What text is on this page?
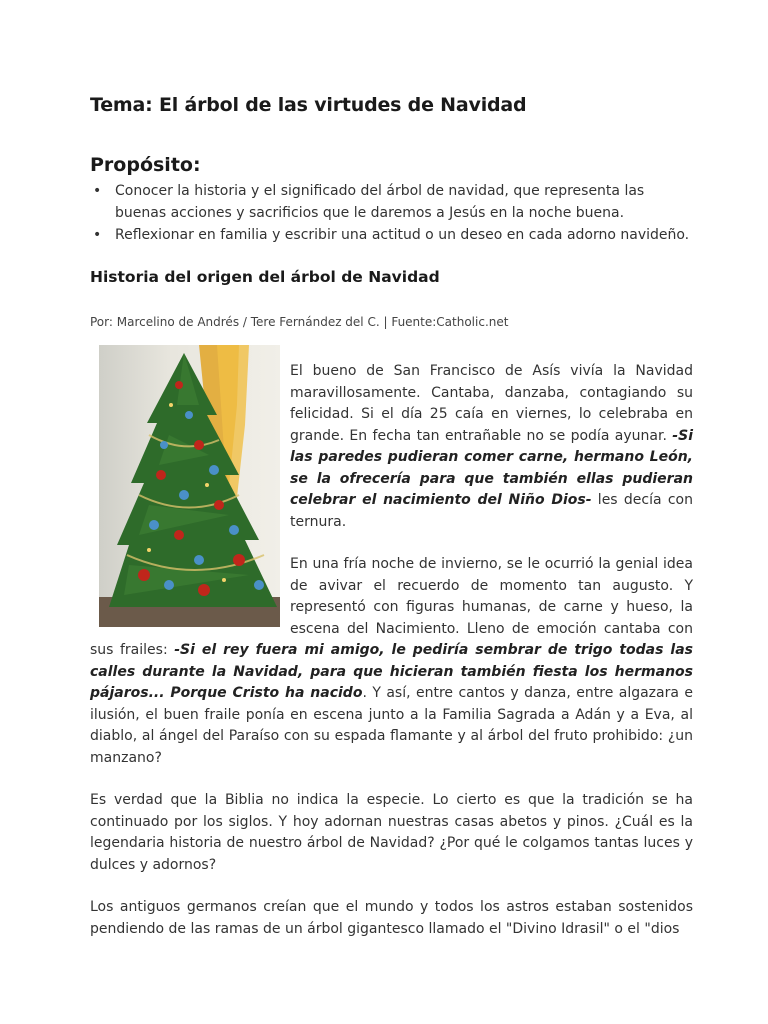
Tema: El árbol de las virtudes de Navidad
Propósito:
• Conocer la historia y el significado del árbol de navidad, que representa las buenas acciones y sacrificios que le daremos a Jesús en la noche buena.
• Reflexionar en familia y escribir una actitud o un deseo en cada adorno navideño.
Historia del origen del árbol de Navidad
Por: Marcelino de Andrés / Tere Fernández del C. | Fuente:Catholic.net

El bueno de San Francisco de Asís vivía la Navidad maravillosamente. Cantaba, danzaba, contagiando su felicidad. Si el día 25 caía en viernes, lo celebraba en grande. En fecha tan entrañable no se podía ayunar. -Si las paredes pudieran comer carne, hermano León, se la ofrecería para que también ellas pudieran celebrar el nacimiento del Niño Dios- les decía con ternura.

En una fría noche de invierno, se le ocurrió la genial idea de avivar el recuerdo de momento tan augusto. Y representó con figuras humanas, de carne y hueso, la escena del Nacimiento. Lleno de emoción cantaba con sus frailes: -Si el rey fuera mi amigo, le pediría sembrar de trigo todas las calles durante la Navidad, para que hicieran también fiesta los hermanos pájaros... Porque Cristo ha nacido. Y así, entre cantos y danza, entre algazara e ilusión, el buen fraile ponía en escena junto a la Familia Sagrada a Adán y a Eva, al diablo, al ángel del Paraíso con su espada flamante y al árbol del fruto prohibido: ¿un manzano?

Es verdad que la Biblia no indica la especie. Lo cierto es que la tradición se ha continuado por los siglos. Y hoy adornan nuestras casas abetos y pinos. ¿Cuál es la legendaria historia de nuestro árbol de Navidad? ¿Por qué le colgamos tantas luces y dulces y adornos?

Los antiguos germanos creían que el mundo y todos los astros estaban sostenidos pendiendo de las ramas de un árbol gigantesco llamado el "Divino Idrasil" o el "dios
